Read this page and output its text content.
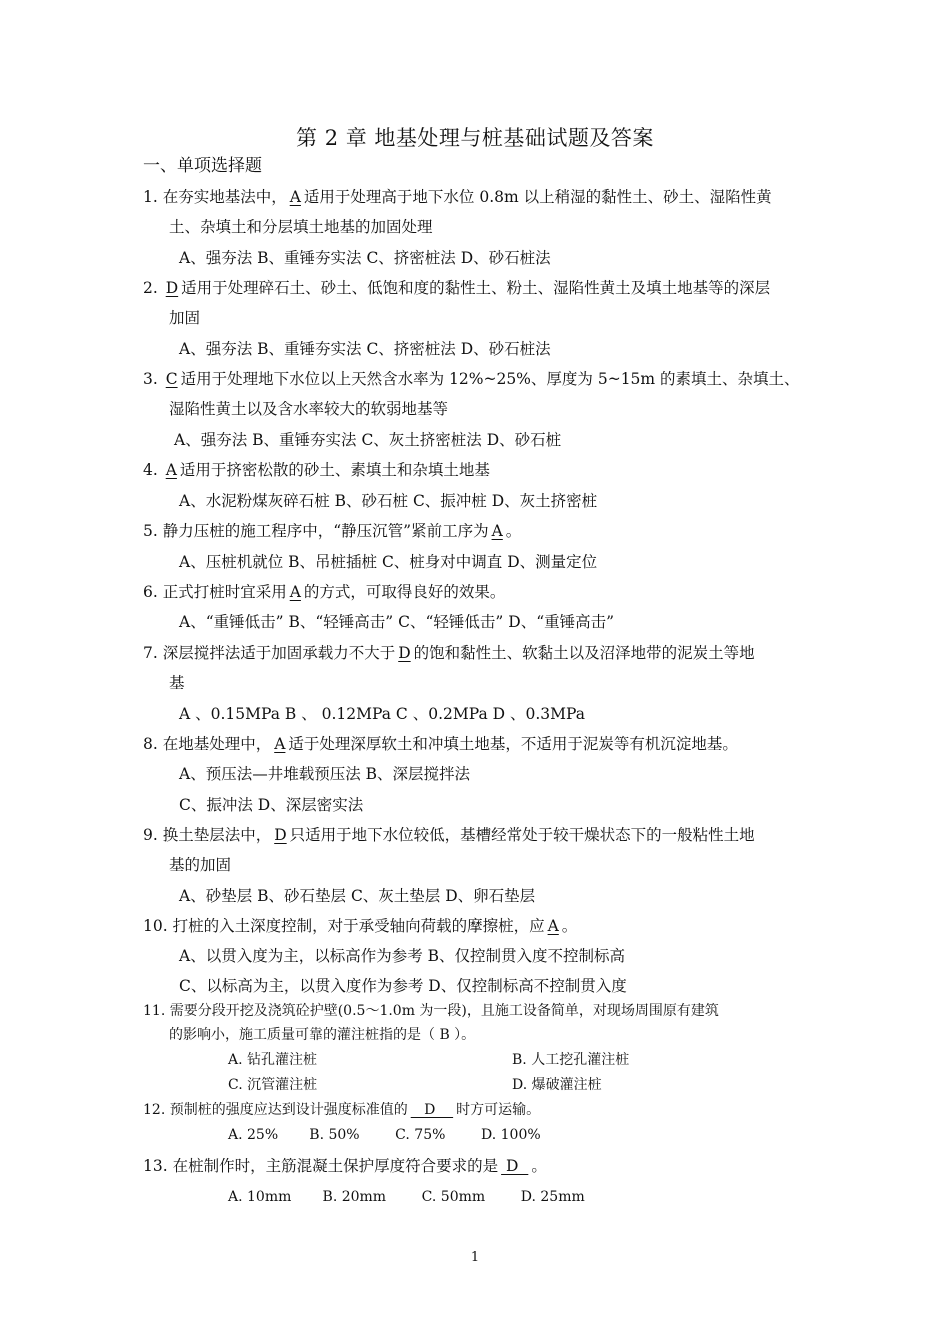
第 2 章 地基处理与桩基础试题及答案
一、单项选择题
1. 在夯实地基法中， A 适用于处理高于地下水位 0.8m 以上稍湿的黏性土、砂土、湿陷性黄
土、杂填土和分层填土地基的加固处理
A、强夯法 B、重锤夯实法 C、挤密桩法 D、砂石桩法
2. D 适用于处理碎石土、砂土、低饱和度的黏性土、粉土、湿陷性黄土及填土地基等的深层
加固
A、强夯法 B、重锤夯实法 C、挤密桩法 D、砂石桩法
3. C 适用于处理地下水位以上天然含水率为 12%~25%、厚度为 5~15m 的素填土、杂填土、
湿陷性黄土以及含水率较大的软弱地基等
A、强夯法 B、重锤夯实法 C、灰土挤密桩法 D、砂石桩
4. A 适用于挤密松散的砂土、素填土和杂填土地基
A、水泥粉煤灰碎石桩 B、砂石桩 C、振冲桩 D、灰土挤密桩
5. 静力压桩的施工程序中，“静压沉管”紧前工序为 A 。
A、压桩机就位 B、吊桩插桩 C、桩身对中调直 D、测量定位
6. 正式打桩时宜采用 A 的方式，可取得良好的效果。
A、“重锤低击” B、“轻锤高击” C、“轻锤低击” D、“重锤高击”
7. 深层搅拌法适于加固承载力不大于 D 的饱和黏性土、软黏土以及沼泽地带的泥炭土等地
基
A 、0.15MPa B 、 0.12MPa C 、0.2MPa D 、0.3MPa
8. 在地基处理中， A 适于处理深厚软土和冲填土地基，不适用于泥炭等有机沉淀地基。
A、预压法—井堆载预压法 B、深层搅拌法
C、振冲法 D、深层密实法
9. 换土垫层法中， D 只适用于地下水位较低，基槽经常处于较干燥状态下的一般粘性土地
基的加固
A、砂垫层 B、砂石垫层 C、灰土垫层 D、卵石垫层
10. 打桩的入土深度控制，对于承受轴向荷载的摩擦桩，应 A 。
A、以贯入度为主，以标高作为参考 B、仅控制贯入度不控制标高
C、以标高为主，以贯入度作为参考 D、仅控制标高不控制贯入度
11. 需要分段开挖及浇筑砼护壁(0.5～1.0m 为一段)，且施工设备简单，对现场周围原有建筑
的影响小，施工质量可靠的灌注桩指的是（ B ）。
A. 钻孔灌注桩	B. 人工挖孔灌注桩
C. 沉管灌注桩	D. 爆破灌注桩
12. 预制桩的强度应达到设计强度标准值的   D    时方可运输。
A. 25%       B. 50%        C. 75%        D. 100%
13. 在桩制作时，主筋混凝土保护厚度符合要求的是 D  。
A. 10mm       B. 20mm        C. 50mm        D. 25mm
1
